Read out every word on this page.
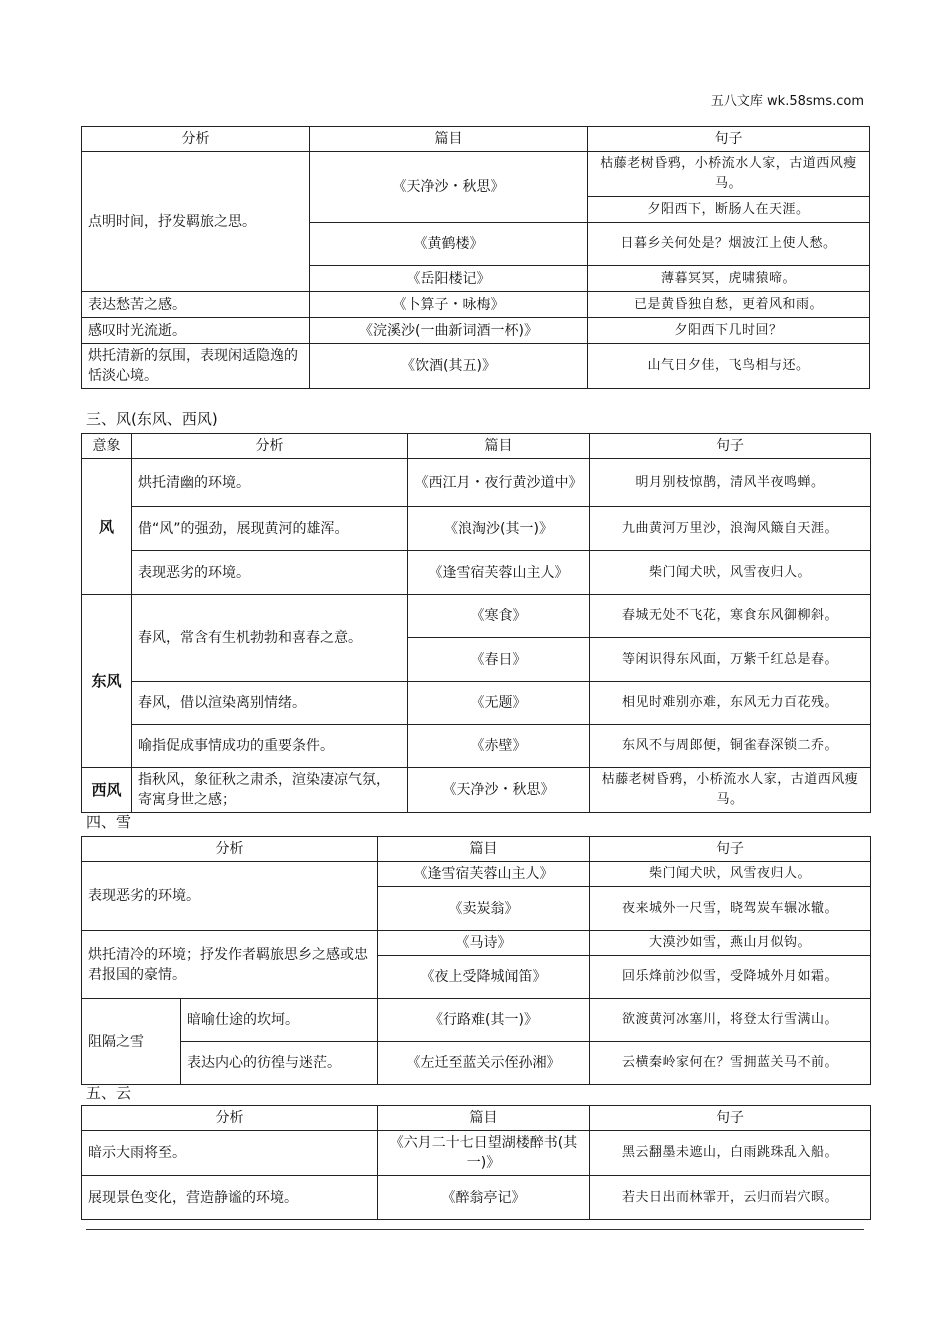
五八文库 wk.58sms.com
分析	篇目	句子
点明时间，抒发羁旅之思。	《天净沙・秋思》	枯藤老树昏鸦，小桥流水人家，古道西风瘦马。
		夕阳西下，断肠人在天涯。
	《黄鹤楼》	日暮乡关何处是？烟波江上使人愁。
	《岳阳楼记》	薄暮冥冥，虎啸猿啼。
表达愁苦之感。	《卜算子・咏梅》	已是黄昏独自愁，更着风和雨。
感叹时光流逝。	《浣溪沙(一曲新词酒一杯)》	夕阳西下几时回？
烘托清新的氛围，表现闲适隐逸的恬淡心境。	《饮酒(其五)》	山气日夕佳，飞鸟相与还。
三、风(东风、西风)
意象	分析	篇目	句子
风	烘托清幽的环境。	《西江月・夜行黄沙道中》	明月别枝惊鹊，清风半夜鸣蝉。
	借“风”的强劲，展现黄河的雄浑。	《浪淘沙(其一)》	九曲黄河万里沙，浪淘风簸自天涯。
	表现恶劣的环境。	《逢雪宿芙蓉山主人》	柴门闻犬吠，风雪夜归人。
东风	春风，常含有生机勃勃和喜春之意。	《寒食》	春城无处不飞花，寒食东风御柳斜。
		《春日》	等闲识得东风面，万紫千红总是春。
	春风，借以渲染离别情绪。	《无题》	相见时难别亦难，东风无力百花残。
	喻指促成事情成功的重要条件。	《赤壁》	东风不与周郎便，铜雀春深锁二乔。
西风	指秋风，象征秋之肃杀，渲染凄凉气氛，寄寓身世之感；	《天净沙・秋思》	枯藤老树昏鸦，小桥流水人家，古道西风瘦马。
四、雪
分析		篇目	句子
表现恶劣的环境。		《逢雪宿芙蓉山主人》	柴门闻犬吠，风雪夜归人。
		《卖炭翁》	夜来城外一尺雪，晓驾炭车辗冰辙。
烘托清冷的环境；抒发作者羁旅思乡之感或忠君报国的豪情。		《马诗》	大漠沙如雪，燕山月似钩。
		《夜上受降城闻笛》	回乐烽前沙似雪，受降城外月如霜。
阻隔之雪	暗喻仕途的坎坷。	《行路难(其一)》	欲渡黄河冰塞川，将登太行雪满山。
	表达内心的彷徨与迷茫。	《左迁至蓝关示侄孙湘》	云横秦岭家何在？雪拥蓝关马不前。
五、云
分析	篇目	句子
暗示大雨将至。	《六月二十七日望湖楼醉书(其一)》	黑云翻墨未遮山，白雨跳珠乱入船。
展现景色变化，营造静谧的环境。	《醉翁亭记》	若夫日出而林霏开，云归而岩穴暝。
